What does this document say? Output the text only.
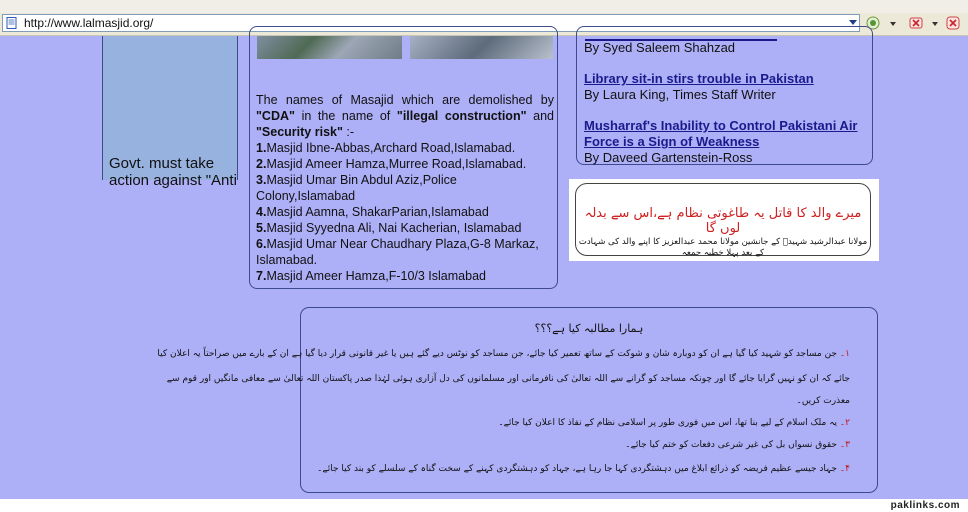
http://www.lalmasjid.org/
Govt. must take
action against "Anti
The names of Masajid which are demolished by "CDA" in the name of "illegal construction" and "Security risk" :-
1.Masjid Ibne-Abbas,Archard Road,Islamabad.
2.Masjid Ameer Hamza,Murree Road,Islamabad.
3.Masjid Umar Bin Abdul Aziz,Police Colony,Islamabad
4.Masjid Aamna, ShakarParian,Islamabad
5.Masjid Syyedna Ali, Nai Kacherian, Islamabad
6.Masjid Umar Near Chaudhary Plaza,G-8 Markaz, Islamabad.
7.Masjid Ameer Hamza,F-10/3 Islamabad
By Syed Saleem Shahzad
Library sit-in stirs trouble in Pakistan
By Laura King, Times Staff Writer
Musharraf's Inability to Control Pakistani Air Force is a Sign of Weakness
By Daveed Gartenstein-Ross
میرے والد کا قاتل یہ طاغوتی نظام ہے،اس سے بدلہ لوں گا
مولانا عبدالرشید شہیدؒ کے جانشین مولانا محمد عبدالعزیز کا اپنے والد کی شہادت کے بعد پہلا خطبہ جمعہ
ہمارا مطالبہ کیا ہے؟؟؟
۱۔ جن مساجد کو شہید کیا گیا ہے ان کو دوبارہ شان و شوکت کے ساتھ تعمیر کیا جائے، جن مساجد کو نوٹس دیے گئے ہیں یا غیر قانونی قرار دیا گیا ہے ان کے بارے میں صراحتاً یہ اعلان کیا
جائے کہ ان کو نہیں گرایا جائے گا اور چونکہ مساجد کو گرانے سے اللہ تعالیٰ کی نافرمانی اور مسلمانوں کی دل آزاری ہوئی لہٰذا صدر پاکستان اللہ تعالیٰ سے معافی مانگیں اور قوم سے
معذرت کریں۔
۲۔ یہ ملک اسلام کے لیے بنا تھا، اس میں فوری طور پر اسلامی نظام کے نفاذ کا اعلان کیا جائے۔
۳۔ حقوق نسواں بل کی غیر شرعی دفعات کو ختم کیا جائے۔
۴۔ جہاد جیسے عظیم فریضہ کو ذرائع ابلاغ میں دہشتگردی کہا جا رہا ہے، جہاد کو دہشتگردی کہنے کے سخت گناہ کے سلسلے کو بند کیا جائے۔
paklinks.com
